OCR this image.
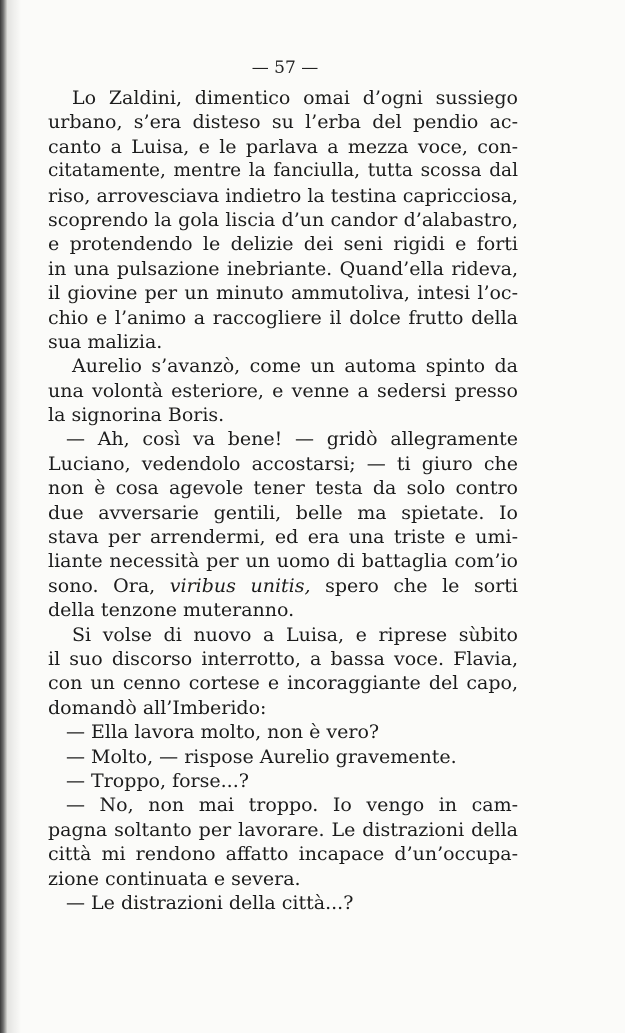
— 57 —
Lo Zaldini, dimentico omai d’ogni sussiego
urbano, s’era disteso su l’erba del pendio ac-
canto a Luisa, e le parlava a mezza voce, con-
citatamente, mentre la fanciulla, tutta scossa dal
riso, arrovesciava indietro la testina capricciosa,
scoprendo la gola liscia d’un candor d’alabastro,
e protendendo le delizie dei seni rigidi e forti
in una pulsazione inebriante. Quand’ella rideva,
il giovine per un minuto ammutoliva, intesi l’oc-
chio e l’animo a raccogliere il dolce frutto della
sua malizia.
Aurelio s’avanzò, come un automa spinto da
una volontà esteriore, e venne a sedersi presso
la signorina Boris.
— Ah, così va bene! — gridò allegramente
Luciano, vedendolo accostarsi; — ti giuro che
non è cosa agevole tener testa da solo contro
due avversarie gentili, belle ma spietate. Io
stava per arrendermi, ed era una triste e umi-
liante necessità per un uomo di battaglia com’io
sono. Ora, viribus unitis, spero che le sorti
della tenzone muteranno.
Si volse di nuovo a Luisa, e riprese sùbito
il suo discorso interrotto, a bassa voce. Flavia,
con un cenno cortese e incoraggiante del capo,
domandò all’Imberido:
— Ella lavora molto, non è vero?
— Molto, — rispose Aurelio gravemente.
— Troppo, forse...?
— No, non mai troppo. Io vengo in cam-
pagna soltanto per lavorare. Le distrazioni della
città mi rendono affatto incapace d’un’occupa-
zione continuata e severa.
— Le distrazioni della città...?
